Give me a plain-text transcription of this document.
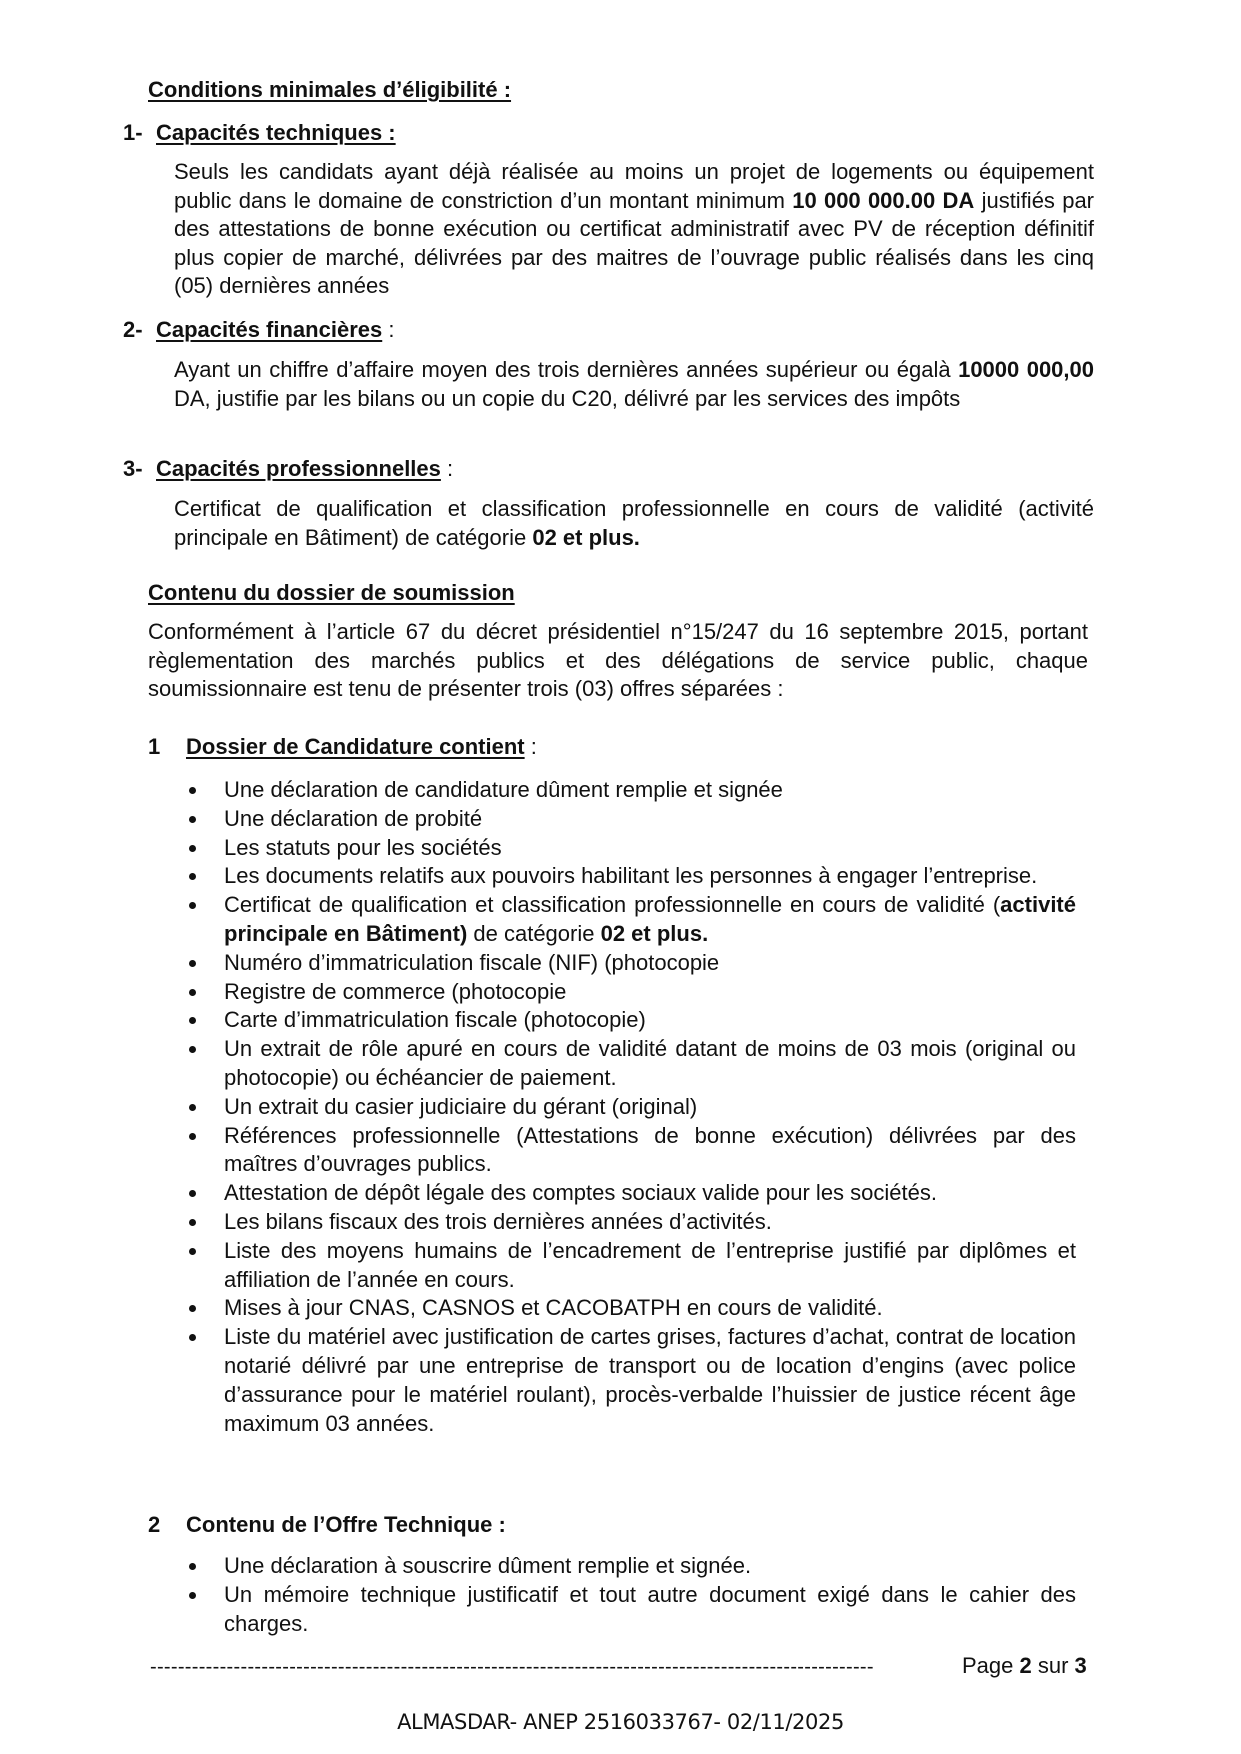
Conditions minimales d’éligibilité :
1- Capacités techniques :
Seuls les candidats ayant déjà réalisée au moins un projet de logements ou équipement public dans le domaine de constriction d’un montant minimum 10 000 000.00 DA justifiés par des attestations de bonne exécution ou certificat administratif avec PV de réception définitif plus copier de marché, délivrées par des maitres de l’ouvrage public réalisés dans les cinq (05) dernières années
2- Capacités financières :
Ayant un chiffre d’affaire moyen des trois dernières années supérieur ou égalà 10000 000,00 DA, justifie par les bilans ou un copie du C20, délivré par les services des impôts
3- Capacités professionnelles :
Certificat de qualification et classification professionnelle en cours de validité (activité principale en Bâtiment) de catégorie 02 et plus.
Contenu du dossier de soumission
Conformément à l’article 67 du décret présidentiel n°15/247 du 16 septembre 2015, portant règlementation des marchés publics et des délégations de service public, chaque soumissionnaire est tenu de présenter trois (03) offres séparées :
1 Dossier de Candidature contient :
Une déclaration de candidature dûment remplie et signée
Une déclaration de probité
Les statuts pour les sociétés
Les documents relatifs aux pouvoirs habilitant les personnes à engager l’entreprise.
Certificat de qualification et classification professionnelle en cours de validité (activité principale en Bâtiment) de catégorie 02 et plus.
Numéro d’immatriculation fiscale (NIF) (photocopie
Registre de commerce (photocopie
Carte d’immatriculation fiscale (photocopie)
Un extrait de rôle apuré en cours de validité datant de moins de 03 mois (original ou photocopie) ou échéancier de paiement.
Un extrait du casier judiciaire du gérant (original)
Références professionnelle (Attestations de bonne exécution) délivrées par des maîtres d’ouvrages publics.
Attestation de dépôt légale des comptes sociaux valide pour les sociétés.
Les bilans fiscaux des trois dernières années d’activités.
Liste des moyens humains de l’encadrement de l’entreprise justifié par diplômes et affiliation de l’année en cours.
Mises à jour CNAS, CASNOS et CACOBATPH en cours de validité.
Liste du matériel avec justification de cartes grises, factures d’achat, contrat de location notarié délivré par une entreprise de transport ou de location d’engins (avec police d’assurance pour le matériel roulant), procès-verbalde l’huissier de justice récent âge maximum 03 années.
2 Contenu de l’Offre Technique :
Une déclaration à souscrire dûment remplie et signée.
Un mémoire technique justificatif et tout autre document exigé dans le cahier des charges.
--------------------------------------------------------------------------------------------------------	Page 2 sur 3
ALMASDAR- ANEP 2516033767- 02/11/2025
